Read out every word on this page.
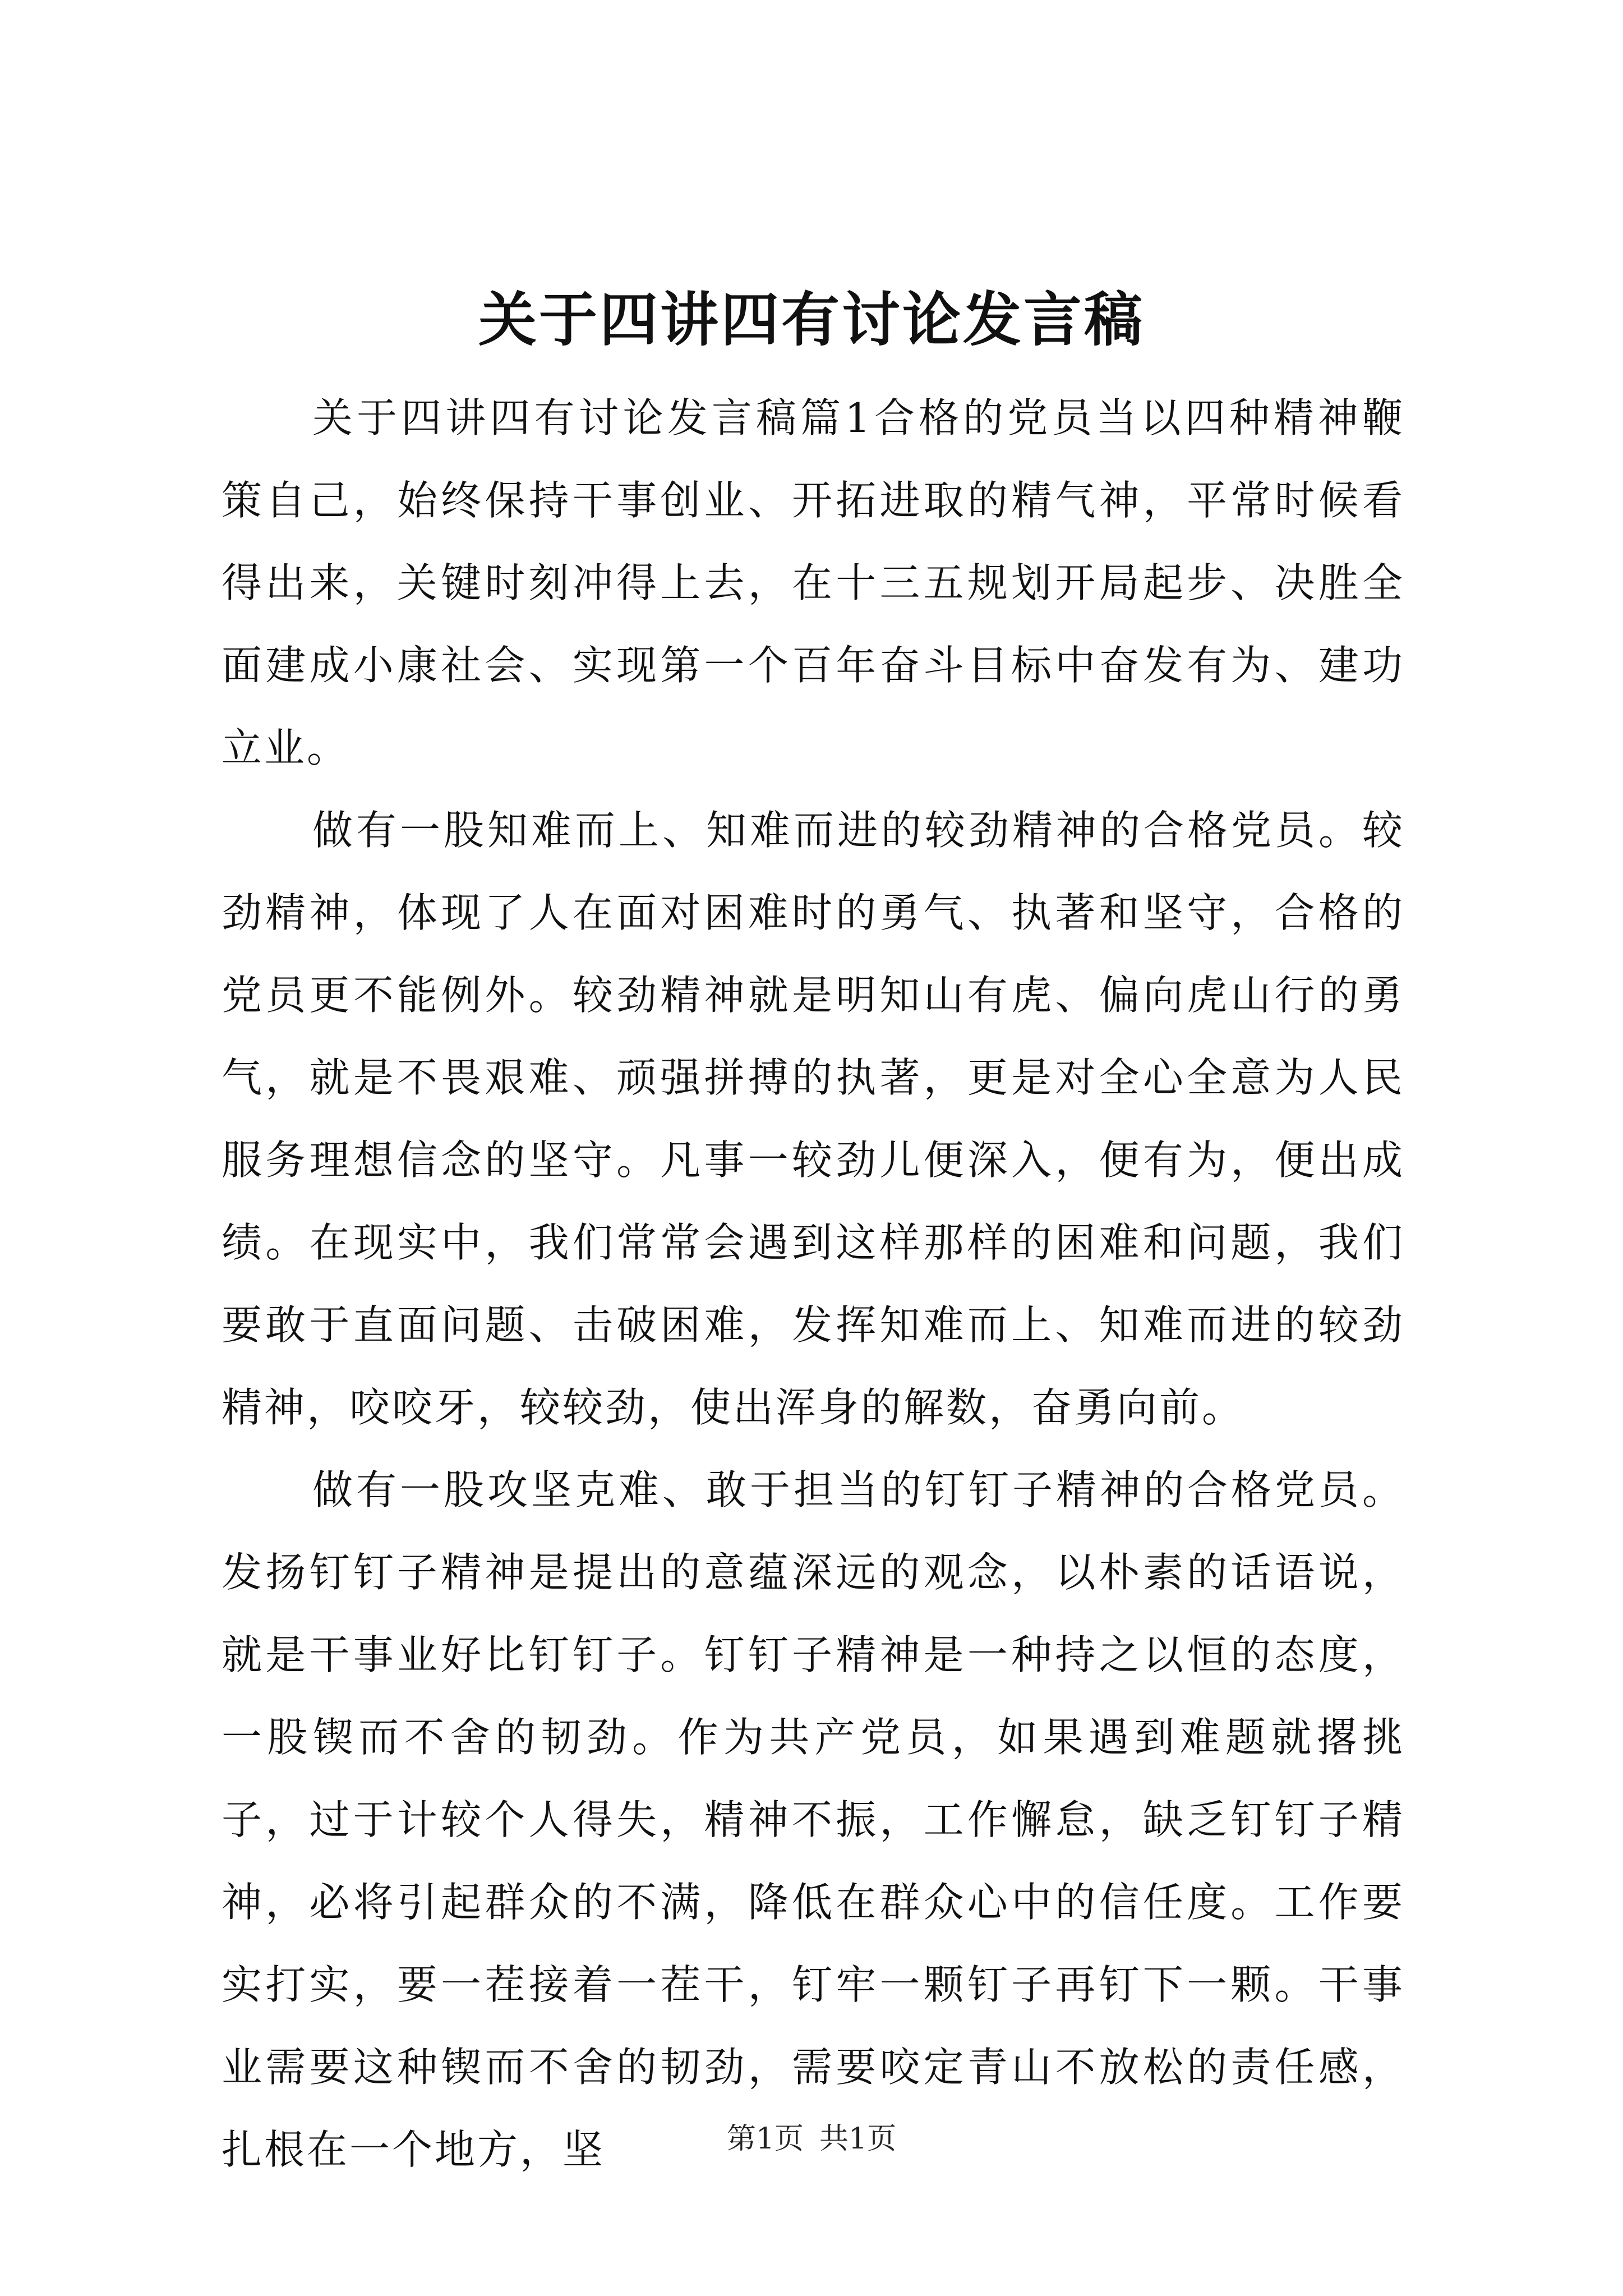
关于四讲四有讨论发言稿

关于四讲四有讨论发言稿篇1合格的党员当以四种精神鞭策自己，始终保持干事创业、开拓进取的精气神，平常时候看得出来，关键时刻冲得上去，在十三五规划开局起步、决胜全面建成小康社会、实现第一个百年奋斗目标中奋发有为、建功立业。

做有一股知难而上、知难而进的较劲精神的合格党员。较劲精神，体现了人在面对困难时的勇气、执著和坚守，合格的党员更不能例外。较劲精神就是明知山有虎、偏向虎山行的勇气，就是不畏艰难、顽强拼搏的执著，更是对全心全意为人民服务理想信念的坚守。凡事一较劲儿便深入，便有为，便出成绩。在现实中，我们常常会遇到这样那样的困难和问题，我们要敢于直面问题、击破困难，发挥知难而上、知难而进的较劲精神，咬咬牙，较较劲，使出浑身的解数，奋勇向前。

做有一股攻坚克难、敢于担当的钉钉子精神的合格党员。发扬钉钉子精神是提出的意蕴深远的观念，以朴素的话语说，就是干事业好比钉钉子。钉钉子精神是一种持之以恒的态度，一股锲而不舍的韧劲。作为共产党员，如果遇到难题就撂挑子，过于计较个人得失，精神不振，工作懈怠，缺乏钉钉子精神，必将引起群众的不满，降低在群众心中的信任度。工作要实打实，要一茬接着一茬干，钉牢一颗钉子再钉下一颗。干事业需要这种锲而不舍的韧劲，需要咬定青山不放松的责任感，扎根在一个地方，坚	第1页 共1页
